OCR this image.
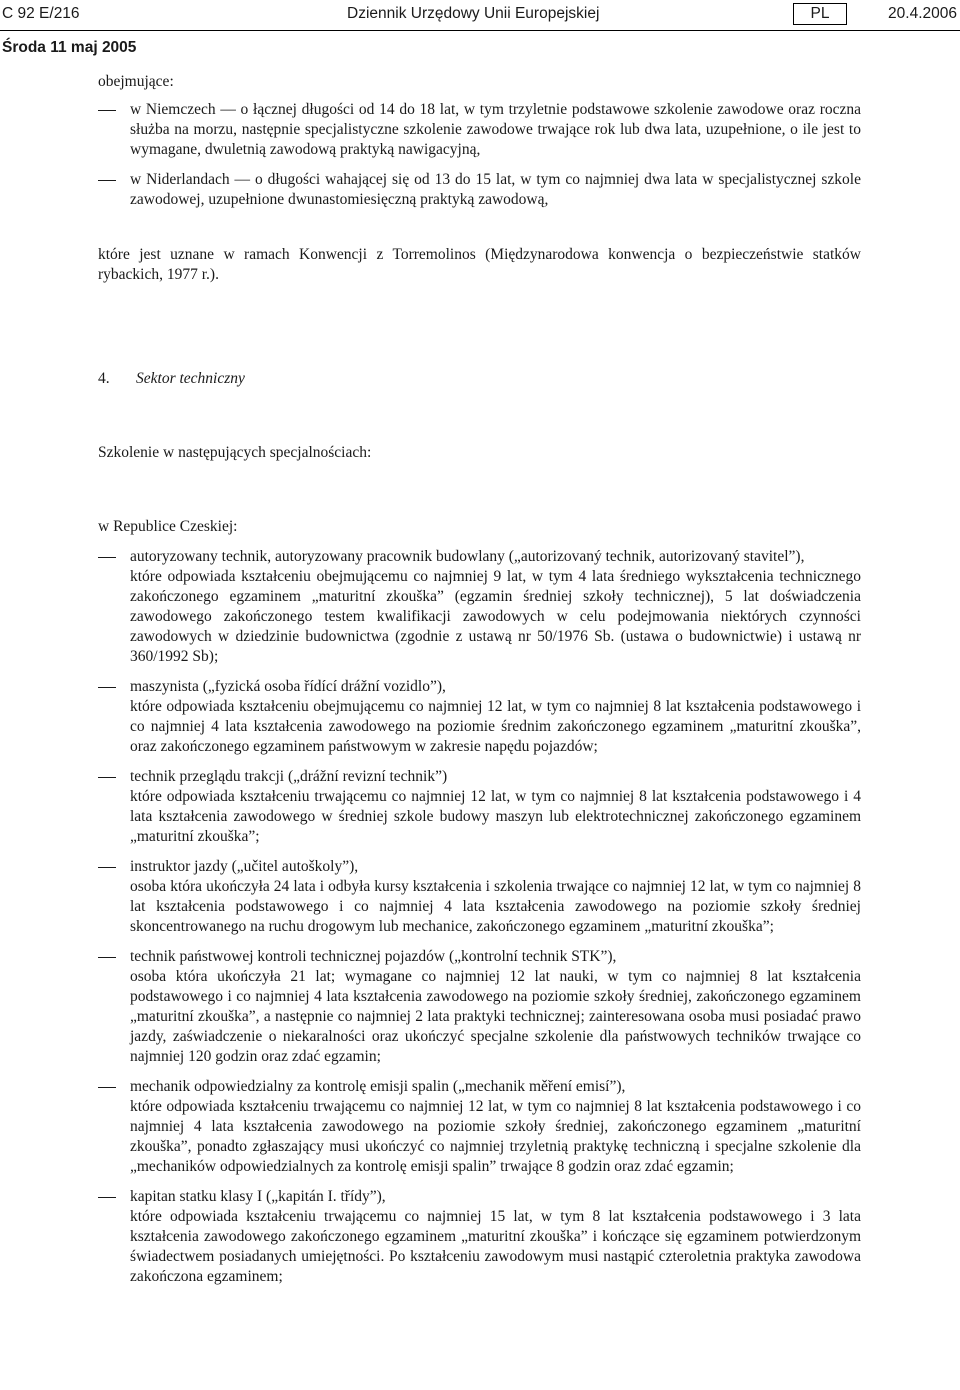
C 92 E/216	Dziennik Urzędowy Unii Europejskiej	PL	20.4.2006
Środa 11 maj 2005

obejmujące:

w Niemczech — o łącznej długości od 14 do 18 lat, w tym trzyletnie podstawowe szkolenie zawodowe oraz roczna służba na morzu, następnie specjalistyczne szkolenie zawodowe trwające rok lub dwa lata, uzupełnione, o ile jest to wymagane, dwuletnią zawodową praktyką nawigacyjną,
w Niderlandach — o długości wahającej się od 13 do 15 lat, w tym co najmniej dwa lata w specjalistycznej szkole zawodowej, uzupełnione dwunastomiesięczną praktyką zawodową,

które jest uznane w ramach Konwencji z Torremolinos (Międzynarodowa konwencja o bezpieczeństwie statków rybackich, 1977 r.).

4. Sektor techniczny

Szkolenie w następujących specjalnościach:

w Republice Czeskiej:

autoryzowany technik, autoryzowany pracownik budowlany („autorizovaný technik, autorizovaný stavitel”),

które odpowiada kształceniu obejmującemu co najmniej 9 lat, w tym 4 lata średniego wykształcenia technicznego zakończonego egzaminem „maturitní zkouška” (egzamin średniej szkoły technicznej), 5 lat doświadczenia zawodowego zakończonego testem kwalifikacji zawodowych w celu podejmowania niektórych czynności zawodowych w dziedzinie budownictwa (zgodnie z ustawą nr 50/1976 Sb. (ustawa o budownictwie) i ustawą nr 360/1992 Sb);

maszynista („fyzická osoba řídící drážní vozidlo”),

które odpowiada kształceniu obejmującemu co najmniej 12 lat, w tym co najmniej 8 lat kształcenia podstawowego i co najmniej 4 lata kształcenia zawodowego na poziomie średnim zakończonego egzaminem „maturitní zkouška”, oraz zakończonego egzaminem państwowym w zakresie napędu pojazdów;

technik przeglądu trakcji („drážní revizní technik”)

które odpowiada kształceniu trwającemu co najmniej 12 lat, w tym co najmniej 8 lat kształcenia podstawowego i 4 lata kształcenia zawodowego w średniej szkole budowy maszyn lub elektrotechnicznej zakończonego egzaminem „maturitní zkouška”;

instruktor jazdy („učitel autoškoly”),

osoba która ukończyła 24 lata i odbyła kursy kształcenia i szkolenia trwające co najmniej 12 lat, w tym co najmniej 8 lat kształcenia podstawowego i co najmniej 4 lata kształcenia zawodowego na poziomie szkoły średniej skoncentrowanego na ruchu drogowym lub mechanice, zakończonego egzaminem „maturitní zkouška”;

technik państwowej kontroli technicznej pojazdów („kontrolní technik STK”),

osoba która ukończyła 21 lat; wymagane co najmniej 12 lat nauki, w tym co najmniej 8 lat kształcenia podstawowego i co najmniej 4 lata kształcenia zawodowego na poziomie szkoły średniej, zakończonego egzaminem „maturitní zkouška”, a następnie co najmniej 2 lata praktyki technicznej; zainteresowana osoba musi posiadać prawo jazdy, zaświadczenie o niekaralności oraz ukończyć specjalne szkolenie dla państwowych techników trwające co najmniej 120 godzin oraz zdać egzamin;

mechanik odpowiedzialny za kontrolę emisji spalin („mechanik měření emisí”),

które odpowiada kształceniu trwającemu co najmniej 12 lat, w tym co najmniej 8 lat kształcenia podstawowego i co najmniej 4 lata kształcenia zawodowego na poziomie szkoły średniej, zakończonego egzaminem „maturitní zkouška”, ponadto zgłaszający musi ukończyć co najmniej trzyletnią praktykę techniczną i specjalne szkolenie dla „mechaników odpowiedzialnych za kontrolę emisji spalin” trwające 8 godzin oraz zdać egzamin;

kapitan statku klasy I („kapitán I. třídy”),

które odpowiada kształceniu trwającemu co najmniej 15 lat, w tym 8 lat kształcenia podstawowego i 3 lata kształcenia zawodowego zakończonego egzaminem „maturitní zkouška” i kończące się egzaminem potwierdzonym świadectwem posiadanych umiejętności. Po kształceniu zawodowym musi nastąpić czteroletnia praktyka zawodowa zakończona egzaminem;
